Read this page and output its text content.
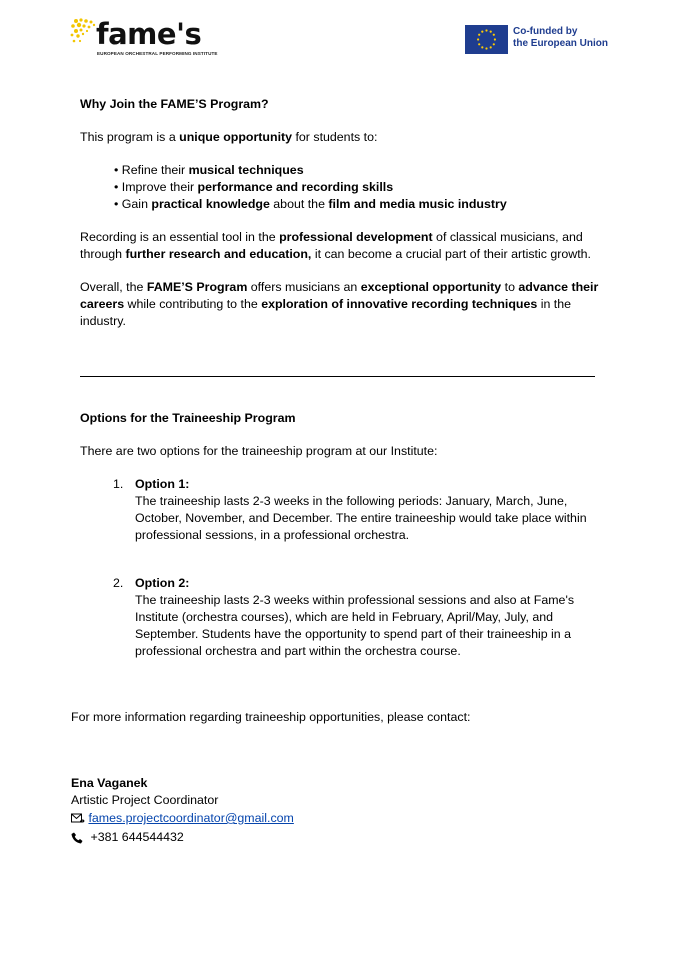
fame's
EUROPEAN ORCHESTRAL PERFORMING INSTITUTE
Co-funded by
the European Union

Why Join the FAME’S Program?

This program is a unique opportunity for students to:

• Refine their musical techniques
• Improve their performance and recording skills
• Gain practical knowledge about the film and media music industry

Recording is an essential tool in the professional development of classical musicians, and through further research and education, it can become a crucial part of their artistic growth.

Overall, the FAME’S Program offers musicians an exceptional opportunity to advance their careers while contributing to the exploration of innovative recording techniques in the industry.

Options for the Traineeship Program
There are two options for the traineeship program at our Institute:
1. Option 1:
The traineeship lasts 2-3 weeks in the following periods: January, March, June, October, November, and December. The entire traineeship would take place within professional sessions, in a professional orchestra.
2. Option 2:
The traineeship lasts 2-3 weeks within professional sessions and also at Fame's Institute (orchestra courses), which are held in February, April/May, July, and September. Students have the opportunity to spend part of their traineeship in a professional orchestra and part within the orchestra course.
For more information regarding traineeship opportunities, please contact:
Ena Vaganek
Artistic Project Coordinator
fames.projectcoordinator@gmail.com
+381 644544432
